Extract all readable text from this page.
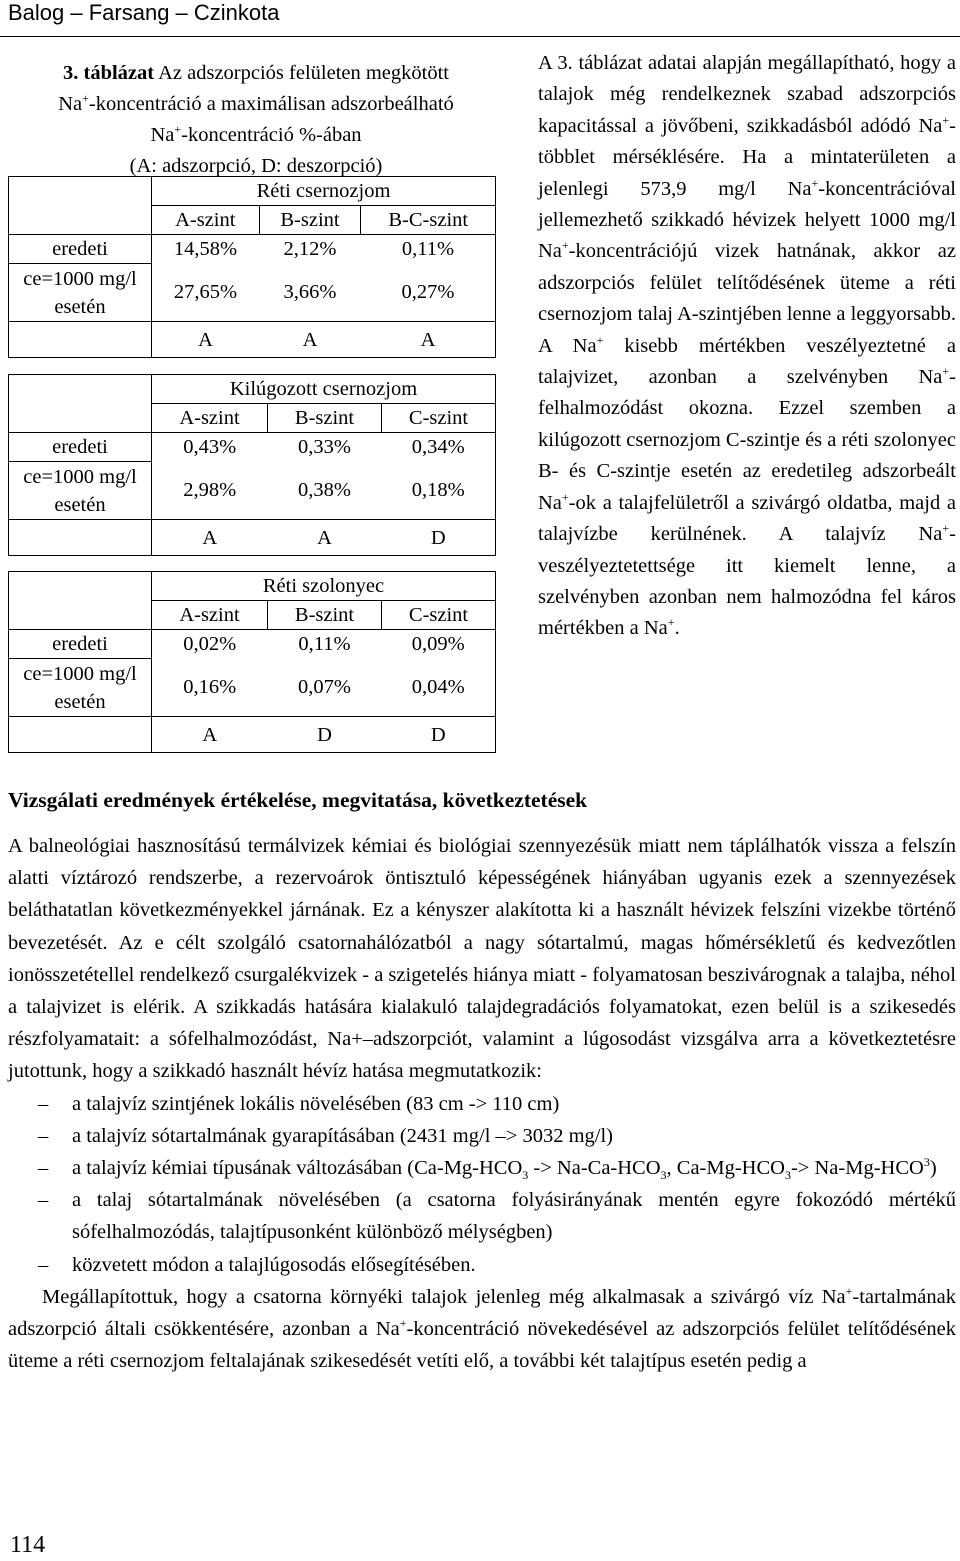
Balog – Farsang – Czinkota
3. táblázat Az adszorpciós felületen megkötött
Na+-koncentráció a maximálisan adszorbeálható
Na+-koncentráció %-ában
(A: adszorpció, D: deszorpció)
	Réti csernozjom		
	A-szint	B-szint	B-C-szint
eredeti	14,58%	2,12%	0,11%

ce=1000 mg/l
esetén	27,65%	3,66%	0,27%
	A	A	A
	Kilúgozott csernozjom		
	A-szint	B-szint	C-szint
eredeti	0,43%	0,33%	0,34%

ce=1000 mg/l
esetén	2,98%	0,38%	0,18%
	A	A	D
	Réti szolonyec		
	A-szint	B-szint	C-szint
eredeti	0,02%	0,11%	0,09%

ce=1000 mg/l
esetén	0,16%	0,07%	0,04%
	A	D	D

A 3. táblázat adatai alapján megállapítható, hogy a talajok még rendelkeznek szabad adszorpciós kapacitással a jövőbeni, szikkadásból adódó Na+-többlet mérséklésére. Ha a mintaterületen a jelenlegi 573,9 mg/l Na+-koncentrációval jellemezhető szikkadó hévizek helyett 1000 mg/l Na+-koncentrációjú vizek hatnának, akkor az adszorpciós felület telítődésének üteme a réti csernozjom talaj A-szintjében lenne a leggyorsabb. A Na+ kisebb mértékben veszélyeztetné a talajvizet, azonban a szelvényben Na+-felhalmozódást okozna. Ezzel szemben a kilúgozott csernozjom C-szintje és a réti szolonyec B- és C-szintje esetén az eredetileg adszorbeált Na+-ok a talajfelületről a szivárgó oldatba, majd a talajvízbe kerülnének. A talajvíz Na+-veszélyeztetettsége itt kiemelt lenne, a szelvényben azonban nem halmozódna fel káros mértékben a Na+.

Vizsgálati eredmények értékelése, megvitatása, következtetések

A balneológiai hasznosítású termálvizek kémiai és biológiai szennyezésük miatt nem táplálhatók vissza a felszín alatti víztározó rendszerbe, a rezervoárok öntisztuló képességének hiányában ugyanis ezek a szennyezések beláthatatlan következményekkel járnának. Ez a kényszer alakította ki a használt hévizek felszíni vizekbe történő bevezetését. Az e célt szolgáló csatornahálózatból a nagy sótartalmú, magas hőmérsékletű és kedvezőtlen ionösszetétellel rendelkező csurgalékvizek - a szigetelés hiánya miatt - folyamatosan beszivárognak a talajba, néhol a talajvizet is elérik. A szikkadás hatására kialakuló talajdegradációs folyamatokat, ezen belül is a szikesedés részfolyamatait: a sófelhalmozódást, Na+–adszorpciót, valamint a lúgosodást vizsgálva arra a következtetésre jutottunk, hogy a szikkadó használt hévíz hatása megmutatkozik:

– a talajvíz szintjének lokális növelésében (83 cm -> 110 cm)
– a talajvíz sótartalmának gyarapításában (2431 mg/l –> 3032 mg/l)
– a talajvíz kémiai típusának változásában ($Ca-Mg-HCO_3 -> Na-Ca-HCO_3$, $Ca-Mg-HCO_3-> Na-Mg-HCO^3$)
– a talaj sótartalmának növelésében (a csatorna folyásirányának mentén egyre fokozódó mértékű sófelhalmozódás, talajtípusonként különböző mélységben)
– közvetett módon a talajlúgosodás elősegítésében.

Megállapítottuk, hogy a csatorna környéki talajok jelenleg még alkalmasak a szivárgó víz Na+-tartalmának adszorpció általi csökkentésére, azonban a Na+-koncentráció növekedésével az adszorpciós felület telítődésének üteme a réti csernozjom feltalajának szikesedését vetíti elő, a további két talajtípus esetén pedig a

114
